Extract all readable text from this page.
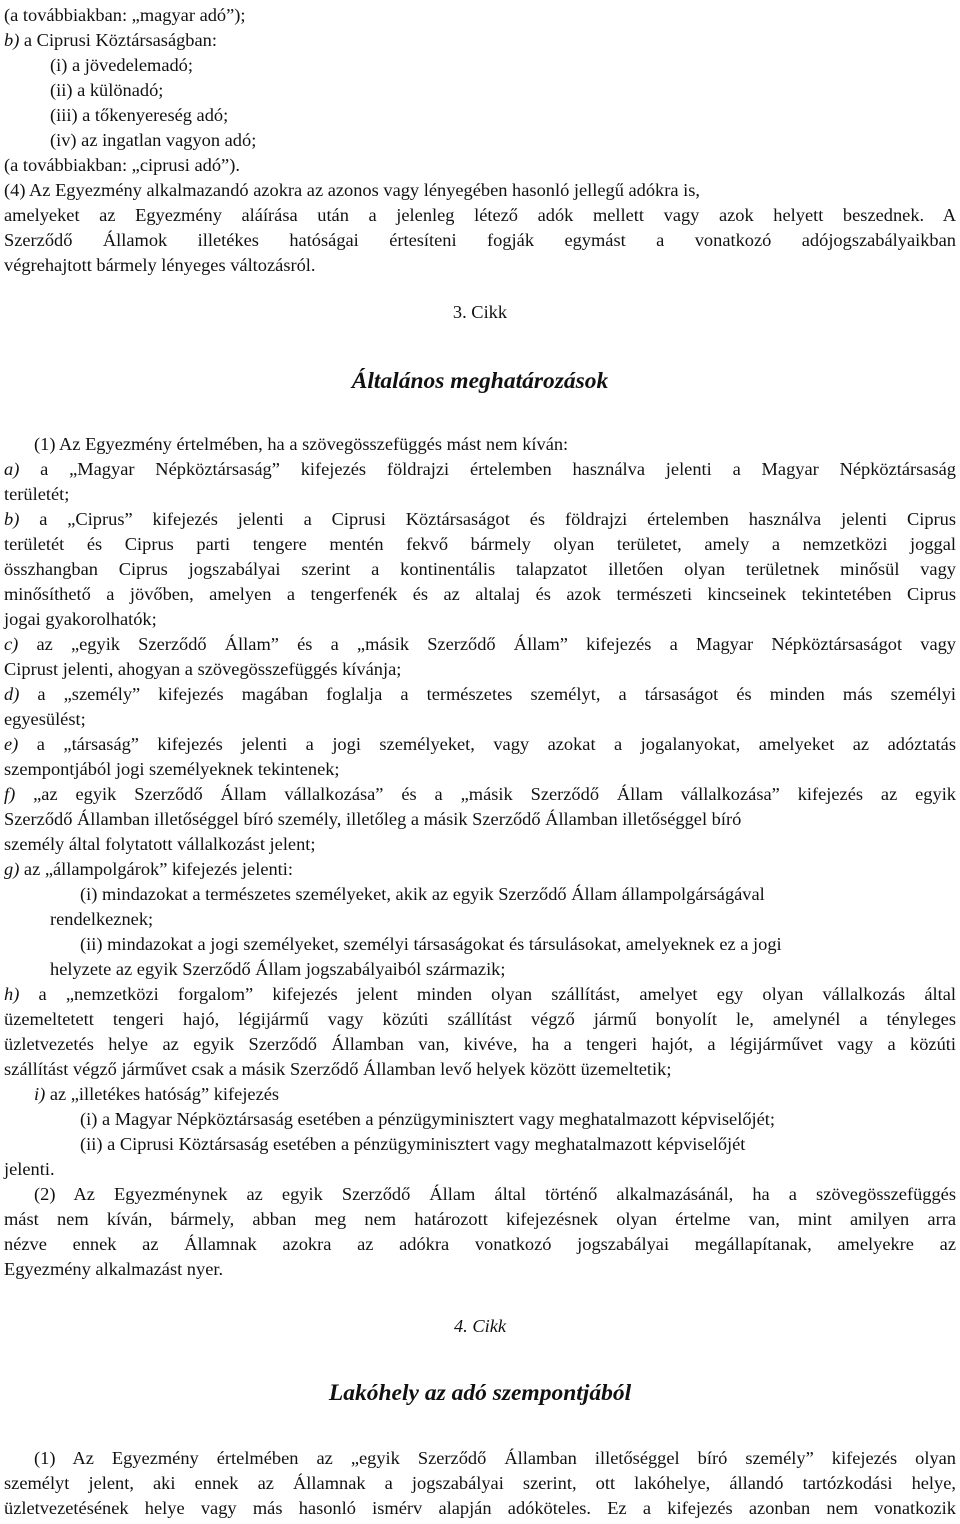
(a továbbiakban: „magyar adó”);
b) a Ciprusi Köztársaságban:
(i) a jövedelemadó;
(ii) a különadó;
(iii) a tőkenyereség adó;
(iv) az ingatlan vagyon adó;
(a továbbiakban: „ciprusi adó”).
(4) Az Egyezmény alkalmazandó azokra az azonos vagy lényegében hasonló jellegű adókra is,
amelyeket az Egyezmény aláírása után a jelenleg létező adók mellett vagy azok helyett beszednek. A
Szerződő Államok illetékes hatóságai értesíteni fogják egymást a vonatkozó adójogszabályaikban
végrehajtott bármely lényeges változásról.
3. Cikk
Általános meghatározások
(1) Az Egyezmény értelmében, ha a szövegösszefüggés mást nem kíván:
a) a „Magyar Népköztársaság” kifejezés földrajzi értelemben használva jelenti a Magyar Népköztársaság
területét;
b) a „Ciprus” kifejezés jelenti a Ciprusi Köztársaságot és földrajzi értelemben használva jelenti Ciprus
területét és Ciprus parti tengere mentén fekvő bármely olyan területet, amely a nemzetközi joggal
összhangban Ciprus jogszabályai szerint a kontinentális talapzatot illetően olyan területnek minősül vagy
minősíthető a jövőben, amelyen a tengerfenék és az altalaj és azok természeti kincseinek tekintetében Ciprus
jogai gyakorolhatók;
c) az „egyik Szerződő Állam” és a „másik Szerződő Állam” kifejezés a Magyar Népköztársaságot vagy
Ciprust jelenti, ahogyan a szövegösszefüggés kívánja;
d) a „személy” kifejezés magában foglalja a természetes személyt, a társaságot és minden más személyi
egyesülést;
e) a „társaság” kifejezés jelenti a jogi személyeket, vagy azokat a jogalanyokat, amelyeket az adóztatás
szempontjából jogi személyeknek tekintenek;
f) „az egyik Szerződő Állam vállalkozása” és a „másik Szerződő Állam vállalkozása” kifejezés az egyik
Szerződő Államban illetőséggel bíró személy, illetőleg a másik Szerződő Államban illetőséggel bíró
személy által folytatott vállalkozást jelent;
g) az „állampolgárok” kifejezés jelenti:
(i) mindazokat a természetes személyeket, akik az egyik Szerződő Állam állampolgárságával
rendelkeznek;
(ii) mindazokat a jogi személyeket, személyi társaságokat és társulásokat, amelyeknek ez a jogi
helyzete az egyik Szerződő Állam jogszabályaiból származik;
h) a „nemzetközi forgalom” kifejezés jelent minden olyan szállítást, amelyet egy olyan vállalkozás által
üzemeltetett tengeri hajó, légijármű vagy közúti szállítást végző jármű bonyolít le, amelynél a tényleges
üzletvezetés helye az egyik Szerződő Államban van, kivéve, ha a tengeri hajót, a légijárművet vagy a közúti
szállítást végző járművet csak a másik Szerződő Államban levő helyek között üzemeltetik;
i) az „illetékes hatóság” kifejezés
(i) a Magyar Népköztársaság esetében a pénzügyminisztert vagy meghatalmazott képviselőjét;
(ii) a Ciprusi Köztársaság esetében a pénzügyminisztert vagy meghatalmazott képviselőjét
jelenti.
(2) Az Egyezménynek az egyik Szerződő Állam által történő alkalmazásánál, ha a szövegösszefüggés
mást nem kíván, bármely, abban meg nem határozott kifejezésnek olyan értelme van, mint amilyen arra
nézve ennek az Államnak azokra az adókra vonatkozó jogszabályai megállapítanak, amelyekre az
Egyezmény alkalmazást nyer.
4. Cikk
Lakóhely az adó szempontjából
(1) Az Egyezmény értelmében az „egyik Szerződő Államban illetőséggel bíró személy” kifejezés olyan
személyt jelent, aki ennek az Államnak a jogszabályai szerint, ott lakóhelye, állandó tartózkodási helye,
üzletvezetésének helye vagy más hasonló ismérv alapján adóköteles. Ez a kifejezés azonban nem vonatkozik
